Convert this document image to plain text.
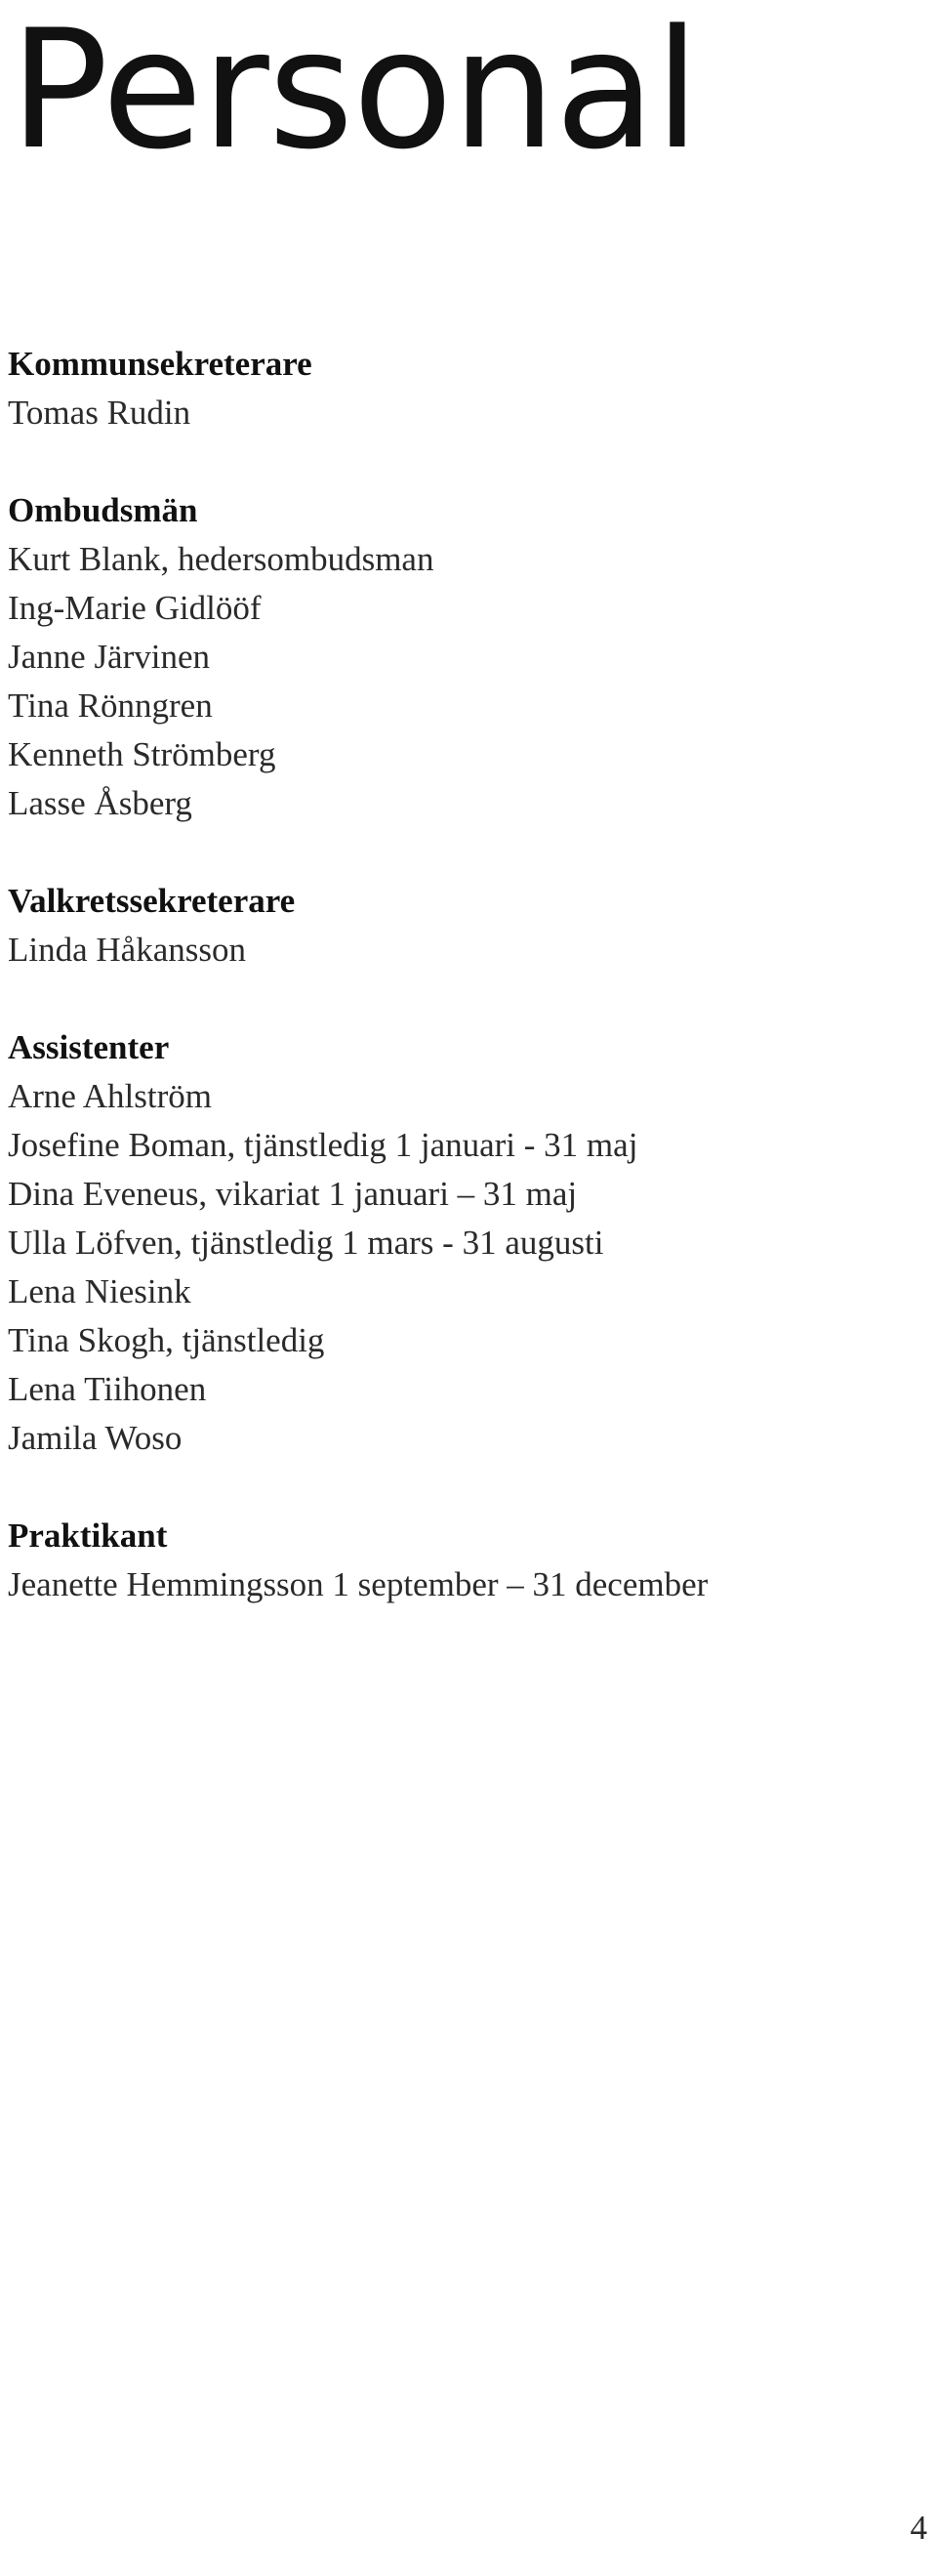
Personal
Kommunsekreterare

Tomas Rudin

Ombudsmän

Kurt Blank, hedersombudsman

Ing-Marie Gidlööf

Janne Järvinen

Tina Rönngren

Kenneth Strömberg

Lasse Åsberg

Valkretssekreterare

Linda Håkansson

Assistenter

Arne Ahlström

Josefine Boman, tjänstledig 1 januari - 31 maj

Dina Eveneus, vikariat 1 januari – 31 maj

Ulla Löfven, tjänstledig 1 mars - 31 augusti

Lena Niesink

Tina Skogh, tjänstledig

Lena Tiihonen

Jamila Woso

Praktikant

Jeanette Hemmingsson 1 september – 31 december

4
